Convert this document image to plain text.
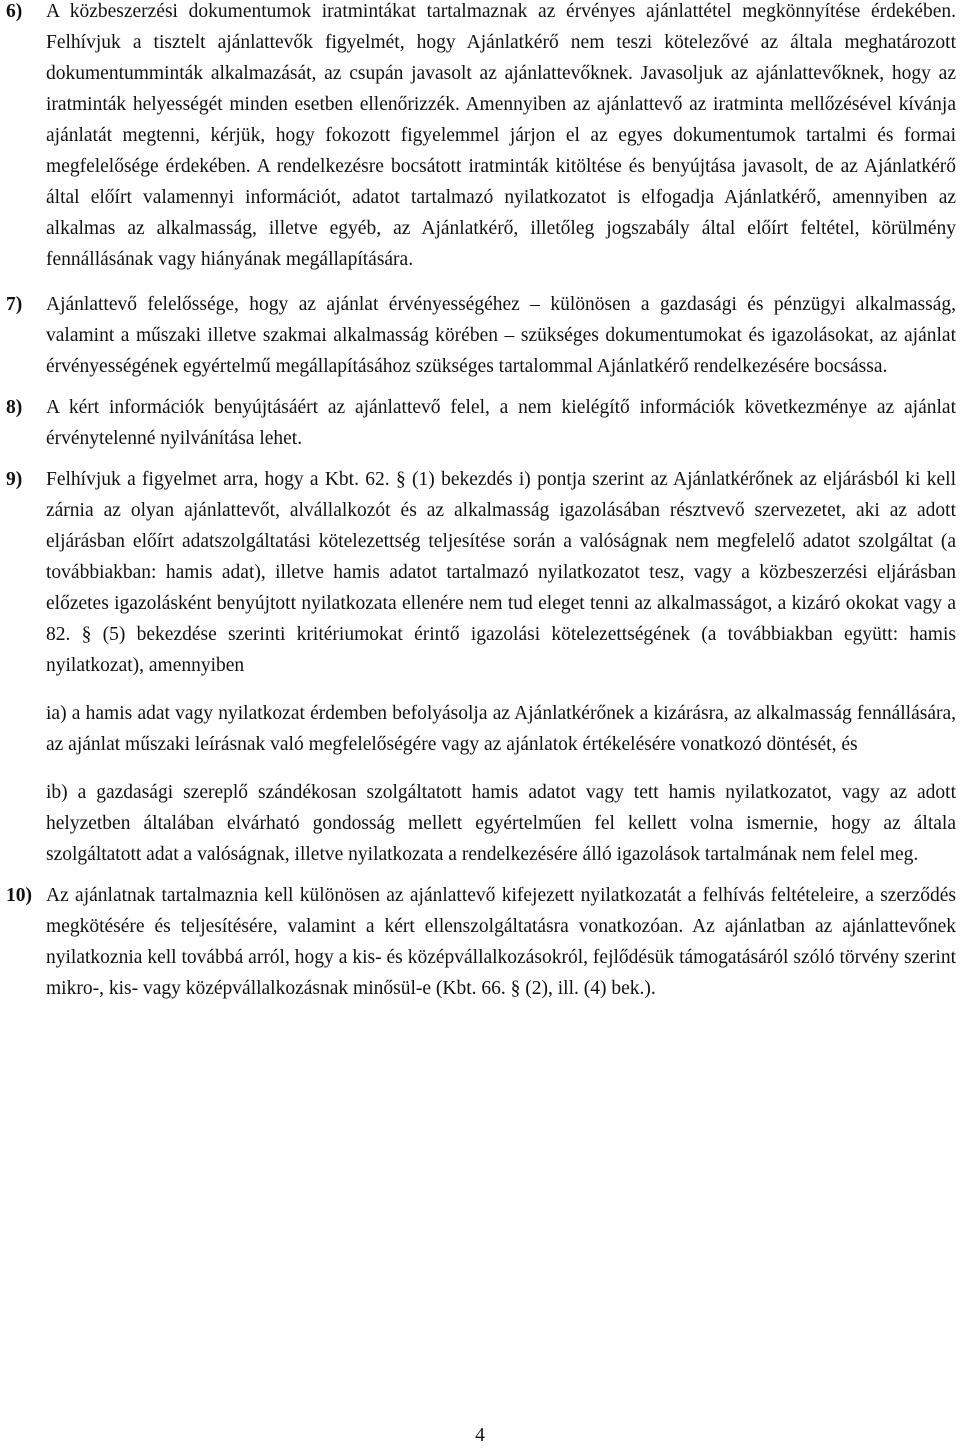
6)	A közbeszerzési dokumentumok iratmintákat tartalmaznak az érvényes ajánlattétel megkönnyítése érdekében. Felhívjuk a tisztelt ajánlattevők figyelmét, hogy Ajánlatkérő nem teszi kötelezővé az általa meghatározott dokumentumminták alkalmazását, az csupán javasolt az ajánlattevőknek. Javasoljuk az ajánlattevőknek, hogy az iratminták helyességét minden esetben ellenőrizzék. Amennyiben az ajánlattevő az iratminta mellőzésével kívánja ajánlatát megtenni, kérjük, hogy fokozott figyelemmel járjon el az egyes dokumentumok tartalmi és formai megfelelősége érdekében. A rendelkezésre bocsátott iratminták kitöltése és benyújtása javasolt, de az Ajánlatkérő által előírt valamennyi információt, adatot tartalmazó nyilatkozatot is elfogadja Ajánlatkérő, amennyiben az alkalmas az alkalmasság, illetve egyéb, az Ajánlatkérő, illetőleg jogszabály által előírt feltétel, körülmény fennállásának vagy hiányának megállapítására.

7)	Ajánlattevő felelőssége, hogy az ajánlat érvényességéhez – különösen a gazdasági és pénzügyi alkalmasság, valamint a műszaki illetve szakmai alkalmasság körében – szükséges dokumentumokat és igazolásokat, az ajánlat érvényességének egyértelmű megállapításához szükséges tartalommal Ajánlatkérő rendelkezésére bocsássa.

8)	A kért információk benyújtásáért az ajánlattevő felel, a nem kielégítő információk következménye az ajánlat érvénytelenné nyilvánítása lehet.

9)	Felhívjuk a figyelmet arra, hogy a Kbt. 62. § (1) bekezdés i) pontja szerint az Ajánlatkérőnek az eljárásból ki kell zárnia az olyan ajánlattevőt, alvállalkozót és az alkalmasság igazolásában résztvevő szervezetet, aki az adott eljárásban előírt adatszolgáltatási kötelezettség teljesítése során a valóságnak nem megfelelő adatot szolgáltat (a továbbiakban: hamis adat), illetve hamis adatot tartalmazó nyilatkozatot tesz, vagy a közbeszerzési eljárásban előzetes igazolásként benyújtott nyilatkozata ellenére nem tud eleget tenni az alkalmasságot, a kizáró okokat vagy a 82. § (5) bekezdése szerinti kritériumokat érintő igazolási kötelezettségének (a továbbiakban együtt: hamis nyilatkozat), amennyiben

ia) a hamis adat vagy nyilatkozat érdemben befolyásolja az Ajánlatkérőnek a kizárásra, az alkalmasság fennállására, az ajánlat műszaki leírásnak való megfelelőségére vagy az ajánlatok értékelésére vonatkozó döntését, és

ib) a gazdasági szereplő szándékosan szolgáltatott hamis adatot vagy tett hamis nyilatkozatot, vagy az adott helyzetben általában elvárható gondosság mellett egyértelműen fel kellett volna ismernie, hogy az általa szolgáltatott adat a valóságnak, illetve nyilatkozata a rendelkezésére álló igazolások tartalmának nem felel meg.

10) Az ajánlatnak tartalmaznia kell különösen az ajánlattevő kifejezett nyilatkozatát a felhívás feltételeire, a szerződés megkötésére és teljesítésére, valamint a kért ellenszolgáltatásra vonatkozóan. Az ajánlatban az ajánlattevőnek nyilatkoznia kell továbbá arról, hogy a kis- és középvállalkozásokról, fejlődésük támogatásáról szóló törvény szerint mikro-, kis- vagy középvállalkozásnak minősül-e (Kbt. 66. § (2), ill. (4) bek.).

4
